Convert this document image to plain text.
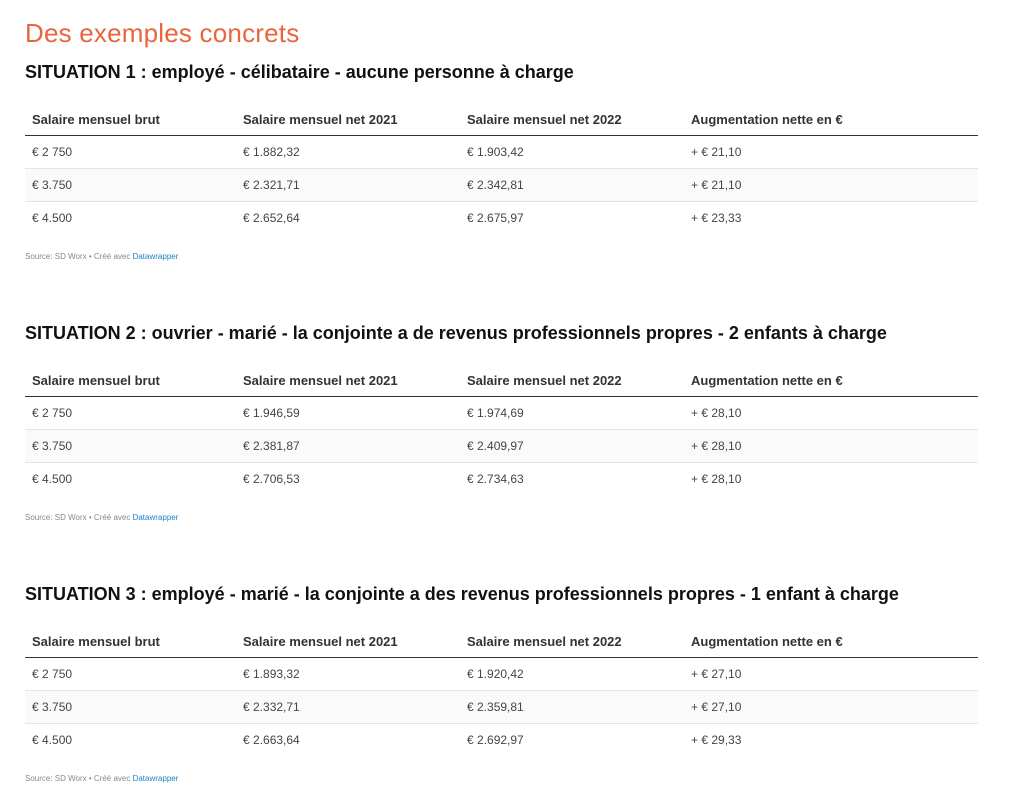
Des exemples concrets
SITUATION 1 : employé - célibataire - aucune personne à charge
Salaire mensuel brut	Salaire mensuel net 2021	Salaire mensuel net 2022	Augmentation nette en €
€ 2 750	€ 1.882,32	€ 1.903,42	+ € 21,10
€ 3.750	€ 2.321,71	€ 2.342,81	+ € 21,10
€ 4.500	€ 2.652,64	€ 2.675,97	+ € 23,33
Source: SD Worx • Créé avec Datawrapper
SITUATION 2 : ouvrier - marié - la conjointe a de revenus professionnels propres - 2 enfants à charge
Salaire mensuel brut	Salaire mensuel net 2021	Salaire mensuel net 2022	Augmentation nette en €
€ 2 750	€ 1.946,59	€ 1.974,69	+ € 28,10
€ 3.750	€ 2.381,87	€ 2.409,97	+ € 28,10
€ 4.500	€ 2.706,53	€ 2.734,63	+ € 28,10
Source: SD Worx • Créé avec Datawrapper
SITUATION 3 : employé - marié - la conjointe a des revenus professionnels propres - 1 enfant à charge
Salaire mensuel brut	Salaire mensuel net 2021	Salaire mensuel net 2022	Augmentation nette en €
€ 2 750	€ 1.893,32	€ 1.920,42	+ € 27,10
€ 3.750	€ 2.332,71	€ 2.359,81	+ € 27,10
€ 4.500	€ 2.663,64	€ 2.692,97	+ € 29,33
Source: SD Worx • Créé avec Datawrapper
